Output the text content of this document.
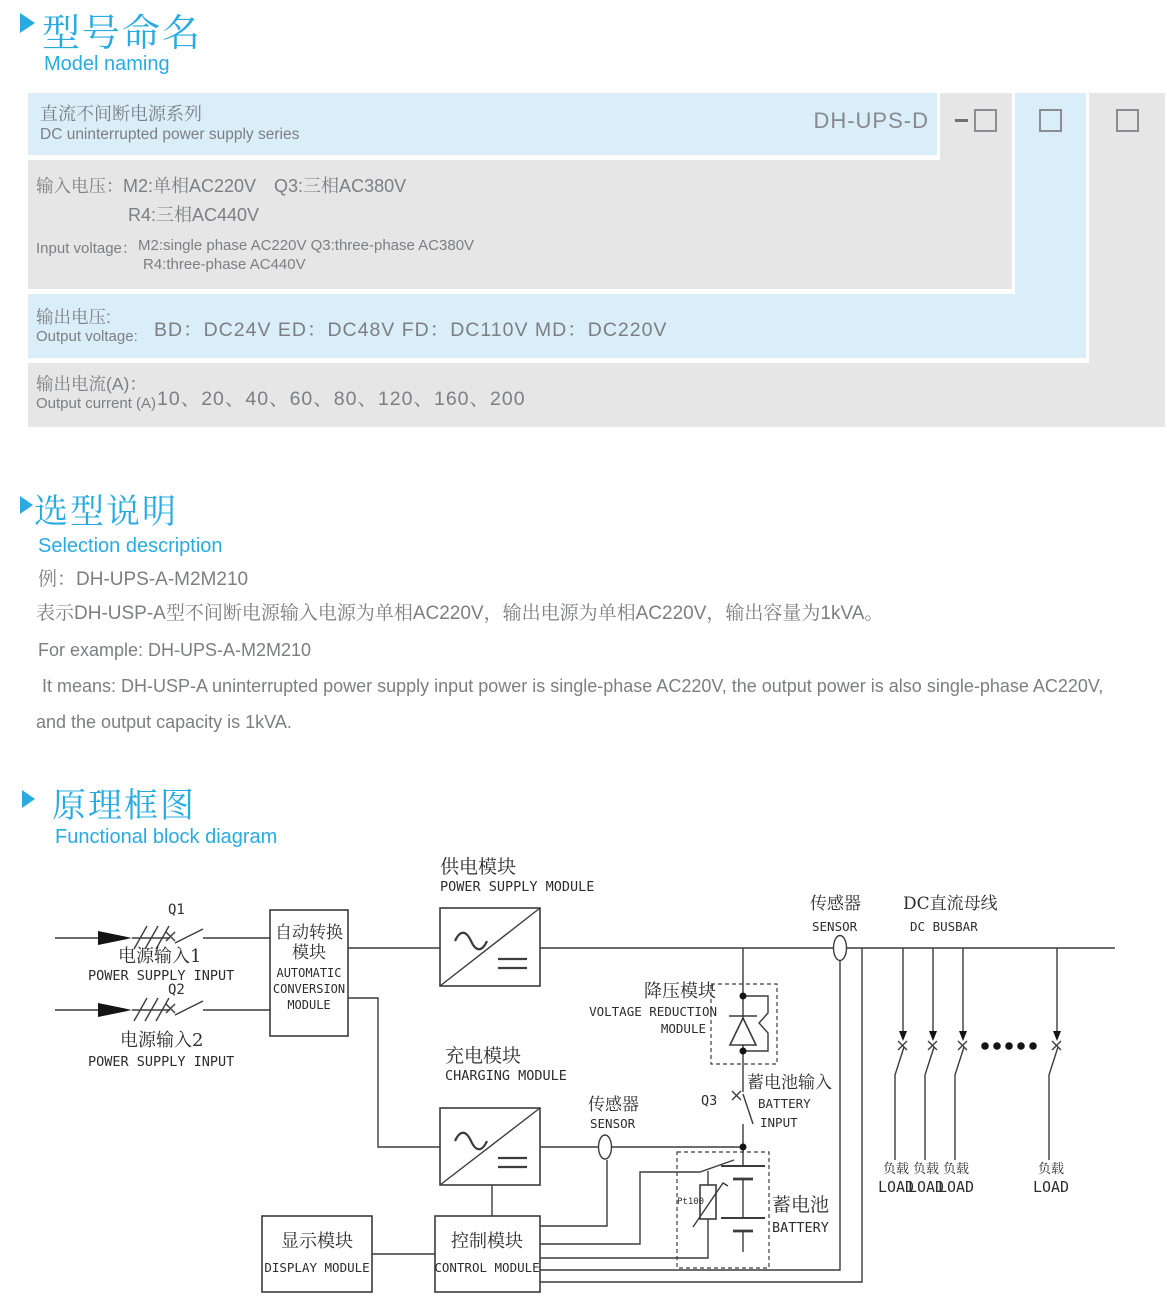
型号命名
Model naming
直流不间断电源系列
DC uninterrupted power supply series
DH-UPS-D
输入电压： M2:单相AC220V　Q3:三相AC380V
R4:三相AC440V
Input voltage： M2:single phase AC220V Q3:three-phase AC380V
R4:three-phase AC440V
输出电压:
Output voltage: BD：DC24V ED：DC48V FD：DC110V MD：DC220V
输出电流(A)：
Output current (A) 10、20、40、60、80、120、160、200
选型说明
Selection description
例：DH-UPS-A-M2M210
表示DH-USP-A型不间断电源输入电源为单相AC220V，输出电源为单相AC220V，输出容量为1kVA。
For example: DH-UPS-A-M2M210
It means: DH-USP-A uninterrupted power supply input power is single-phase AC220V, the output power is also single-phase AC220V,
and the output capacity is 1kVA.
原理框图
Functional block diagram
Q1
电源输入1
POWER SUPPLY INPUT
Q2
电源输入2
POWER SUPPLY INPUT
自动转换
模块
AUTOMATIC
CONVERSION
MODULE
供电模块
POWER SUPPLY MODULE
降压模块
VOLTAGE REDUCTION
MODULE
Q3
蓄电池输入
BATTERY
INPUT
充电模块
CHARGING MODULE
传感器
SENSOR
传感器
SENSOR
DC直流母线
DC BUSBAR
负载
LOAD
负载
LOAD
负载
LOAD
负载
LOAD
Pt100	蓄电池
BATTERY
显示模块
DISPLAY MODULE
控制模块
CONTROL MODULE
